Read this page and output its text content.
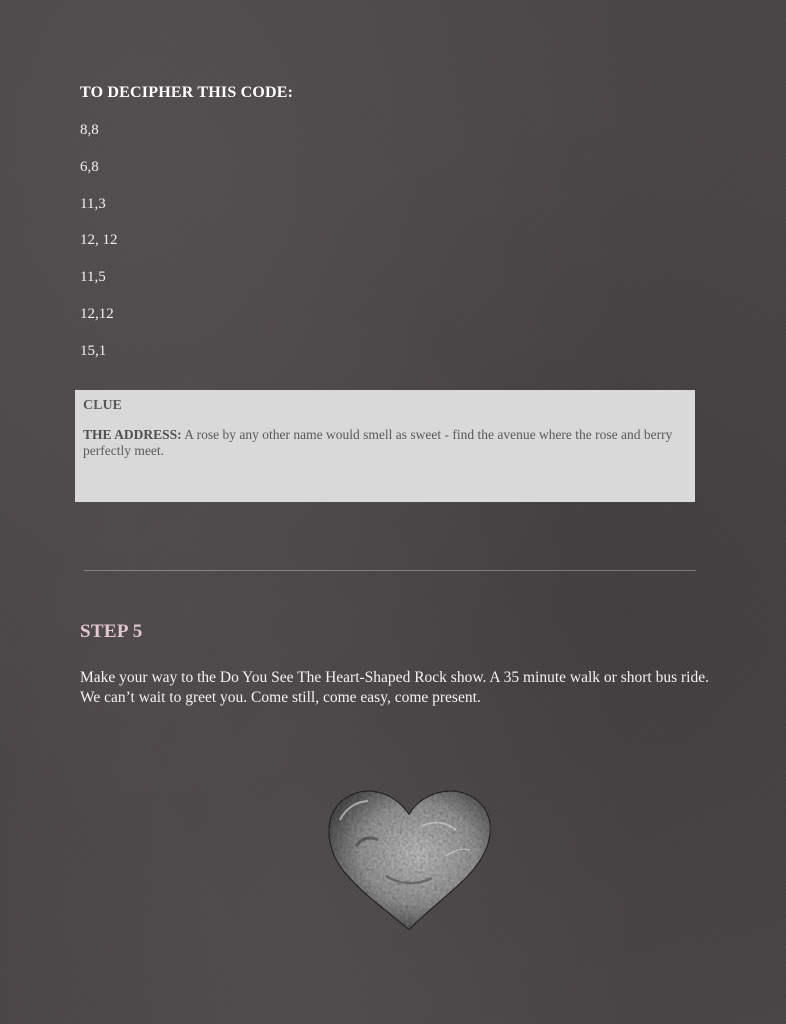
TO DECIPHER THIS CODE:
8,8
6,8
11,3
12, 12
11,5
12,12
15,1

CLUE

THE ADDRESS: A rose by any other name would smell as sweet - find the avenue where the rose and berry perfectly meet.

STEP 5

Make your way to the Do You See The Heart-Shaped Rock show. A 35 minute walk or short bus ride. We can’t wait to greet you. Come still, come easy, come present.
